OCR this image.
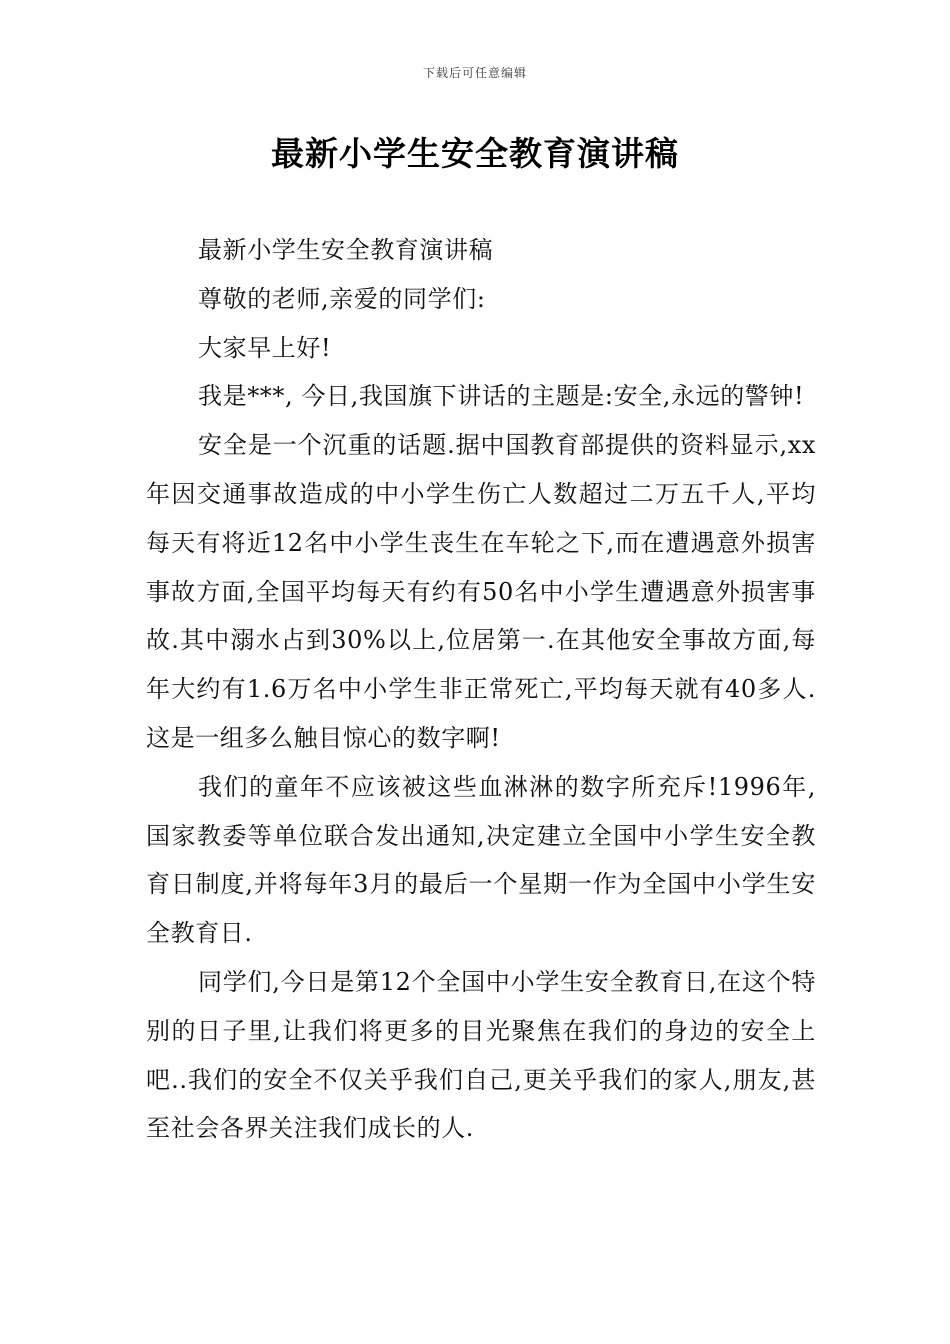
下载后可任意编辑
最新小学生安全教育演讲稿

最新小学生安全教育演讲稿

尊敬的老师,亲爱的同学们:

大家早上好!

我是***, 今日,我国旗下讲话的主题是:安全,永远的警钟!

安全是一个沉重的话题.据中国教育部提供的资料显示,xx年因交通事故造成的中小学生伤亡人数超过二万五千人,平均每天有将近12名中小学生丧生在车轮之下,而在遭遇意外损害事故方面,全国平均每天有约有50名中小学生遭遇意外损害事故.其中溺水占到30%以上,位居第一.在其他安全事故方面,每年大约有1.6万名中小学生非正常死亡,平均每天就有40多人.这是一组多么触目惊心的数字啊!

我们的童年不应该被这些血淋淋的数字所充斥!1996年,国家教委等单位联合发出通知,决定建立全国中小学生安全教育日制度,并将每年3月的最后一个星期一作为全国中小学生安全教育日.

同学们,今日是第12个全国中小学生安全教育日,在这个特别的日子里,让我们将更多的目光聚焦在我们的身边的安全上吧..我们的安全不仅关乎我们自己,更关乎我们的家人,朋友,甚至社会各界关注我们成长的人.
